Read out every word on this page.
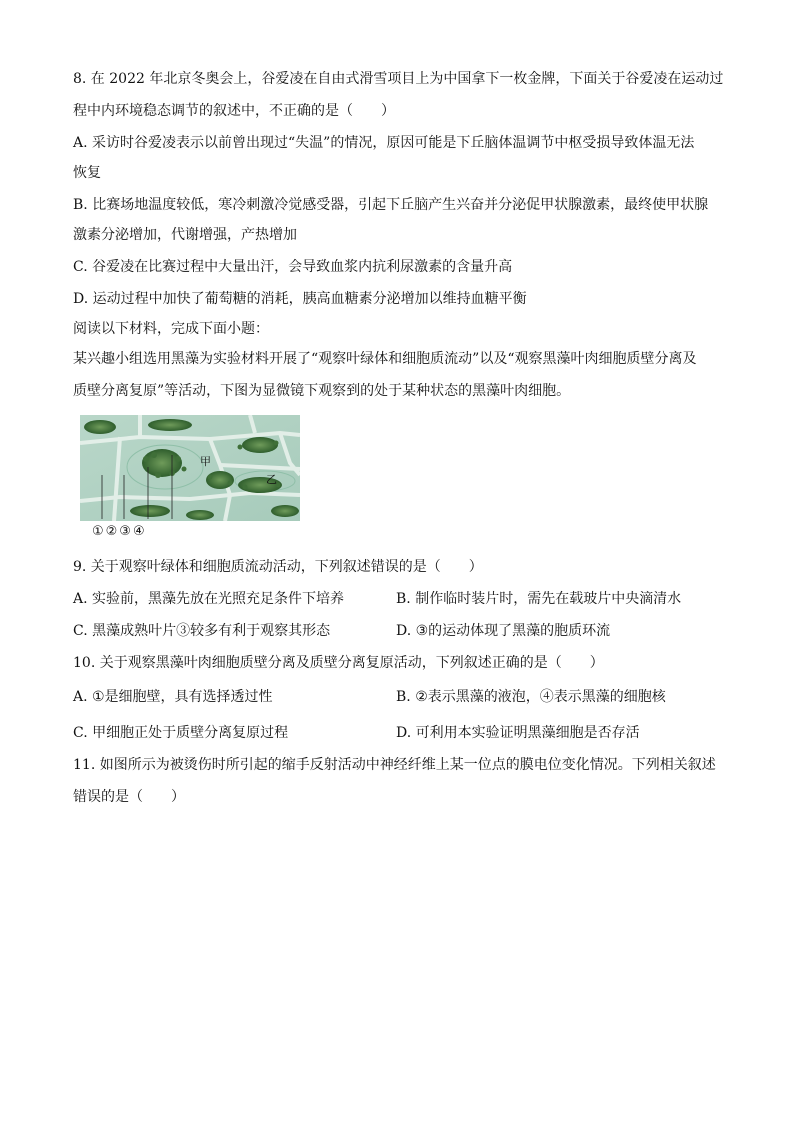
8. 在 2022 年北京冬奥会上，谷爱凌在自由式滑雪项目上为中国拿下一枚金牌，下面关于谷爱凌在运动过
程中内环境稳态调节的叙述中，不正确的是（　　）
A. 采访时谷爱凌表示以前曾出现过“失温”的情况，原因可能是下丘脑体温调节中枢受损导致体温无法
恢复
B. 比赛场地温度较低，寒冷刺激冷觉感受器，引起下丘脑产生兴奋并分泌促甲状腺激素，最终使甲状腺
激素分泌增加，代谢增强，产热增加
C. 谷爱凌在比赛过程中大量出汗，会导致血浆内抗利尿激素的含量升高
D. 运动过程中加快了葡萄糖的消耗，胰高血糖素分泌增加以维持血糖平衡
阅读以下材料，完成下面小题：
某兴趣小组选用黑藻为实验材料开展了“观察叶绿体和细胞质流动”以及“观察黑藻叶肉细胞质壁分离及
质壁分离复原”等活动，下图为显微镜下观察到的处于某种状态的黑藻叶肉细胞。
甲
乙
①②③④
9. 关于观察叶绿体和细胞质流动活动，下列叙述错误的是（　　）
A. 实验前，黑藻先放在光照充足条件下培养	B. 制作临时装片时，需先在载玻片中央滴清水
C. 黑藻成熟叶片③较多有利于观察其形态	D. ③的运动体现了黑藻的胞质环流
10. 关于观察黑藻叶肉细胞质壁分离及质壁分离复原活动，下列叙述正确的是（　　）
A. ①是细胞壁，具有选择透过性	B. ②表示黑藻的液泡，④表示黑藻的细胞核
C. 甲细胞正处于质壁分离复原过程	D. 可利用本实验证明黑藻细胞是否存活
11. 如图所示为被烫伤时所引起的缩手反射活动中神经纤维上某一位点的膜电位变化情况。下列相关叙述
错误的是（　　）
